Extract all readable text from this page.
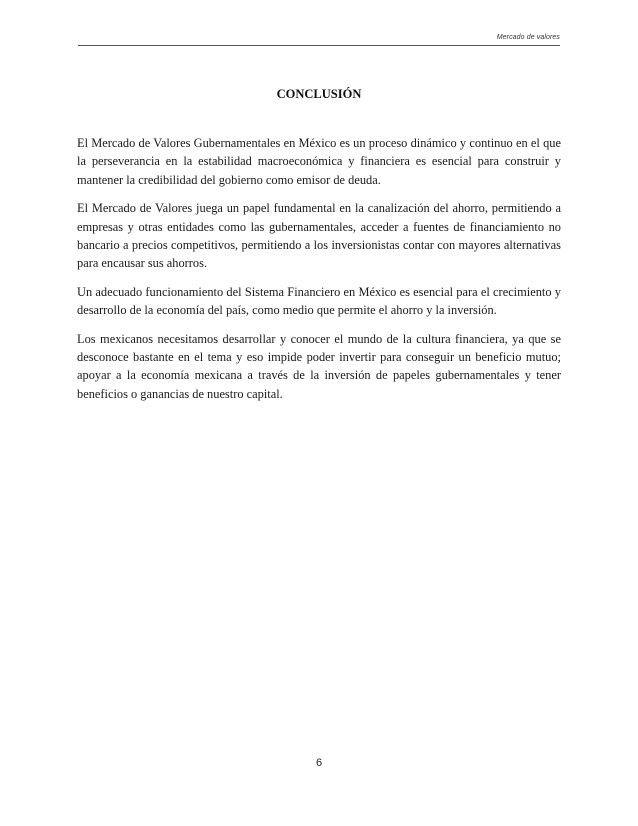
Mercado de valores
CONCLUSIÓN

El Mercado de Valores Gubernamentales en México es un proceso dinámico y continuo en el que la perseverancia en la estabilidad macroeconómica y financiera es esencial para construir y mantener la credibilidad del gobierno como emisor de deuda.

El Mercado de Valores juega un papel fundamental en la canalización del ahorro, permitiendo a empresas y otras entidades como las gubernamentales, acceder a fuentes de financiamiento no bancario a precios competitivos, permitiendo a los inversionistas contar con mayores alternativas para encausar sus ahorros.

Un adecuado funcionamiento del Sistema Financiero en México es esencial para el crecimiento y desarrollo de la economía del país, como medio que permite el ahorro y la inversión.

Los mexicanos necesitamos desarrollar y conocer el mundo de la cultura financiera, ya que se desconoce bastante en el tema y eso impide poder invertir para conseguir un beneficio mutuo; apoyar a la economía mexicana a través de la inversión de papeles gubernamentales y tener beneficios o ganancias de nuestro capital.

6
